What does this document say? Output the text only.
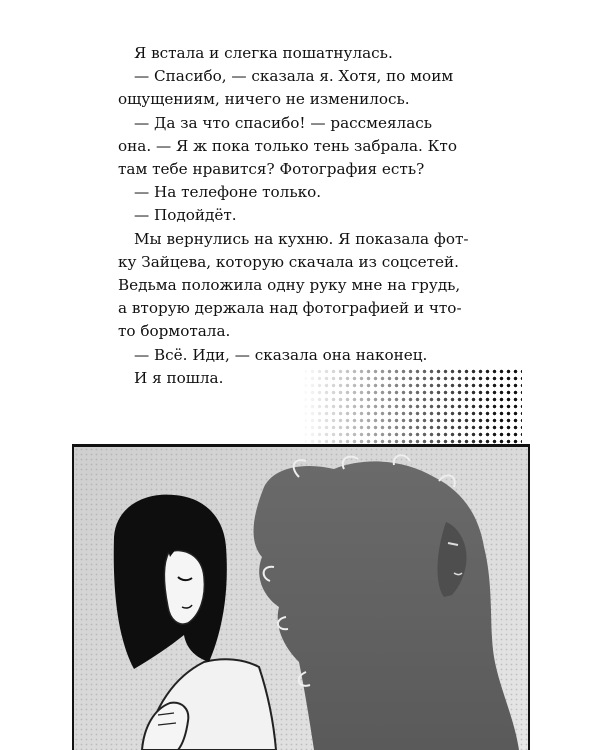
Я встала и слегка пошатнулась.

— Спасибо, — сказала я. Хотя, по моим

ощущениям, ничего не изменилось.

— Да за что спасибо! — рассмеялась

она. — Я ж пока только тень забрала. Кто

там тебе нравится? Фотография есть?

— На телефоне только.

— Подойдёт.

Мы вернулись на кухню. Я показала фот-

ку Зайцева, которую скачала из соцсетей.

Ведьма положила одну руку мне на грудь,

а вторую держала над фотографией и что-

то бормотала.

— Всё. Иди, — сказала она наконец.

И я пошла.
